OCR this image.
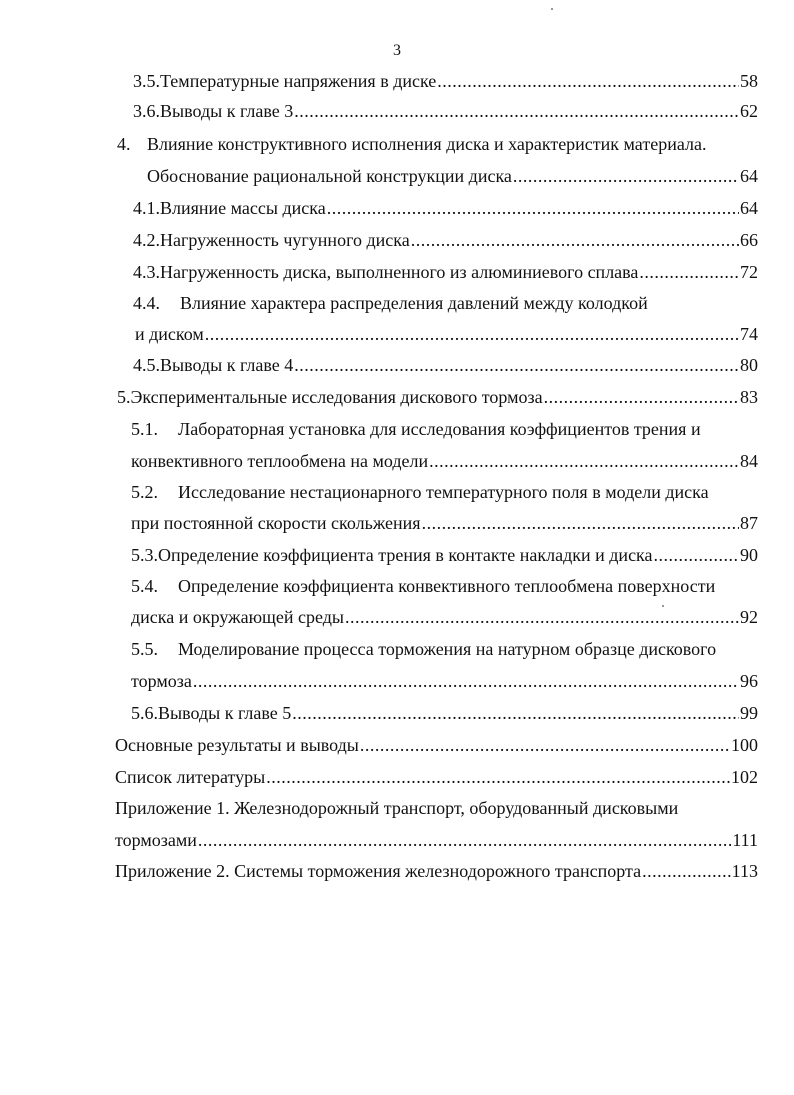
3
3.5. Температурные напряжения в диске .....	58
3.6. Выводы к главе 3 .....	62
4. Влияние конструктивного исполнения диска и характеристик материала.
Обоснование рациональной конструкции диска .....	64
4.1. Влияние массы диска .....	64
4.2. Нагруженность чугунного диска .....	66
4.3. Нагруженность диска, выполненного из алюминиевого сплава .....	72
4.4.	Влияние характера распределения давлений между колодкой
и диском .....	74
4.5. Выводы к главе 4 .....	80
5. Экспериментальные исследования дискового тормоза .....	83
5.1.	Лабораторная установка для исследования коэффициентов трения и
конвективного теплообмена на модели .....	84
5.2.	Исследование нестационарного температурного поля в модели диска
при постоянной скорости скольжения .....	87
5.3. Определение коэффициента трения в контакте накладки и диска .....	90
5.4.	Определение коэффициента конвективного теплообмена поверхности
диска и окружающей среды .....	92
5.5.	Моделирование процесса торможения на натурном образце дискового
тормоза .....	96
5.6. Выводы к главе 5 .....	99
Основные результаты и выводы .....	100
Список литературы .....	102
Приложение 1. Железнодорожный транспорт, оборудованный дисковыми
тормозами .....	111
Приложение 2. Системы торможения железнодорожного транспорта .....	113
